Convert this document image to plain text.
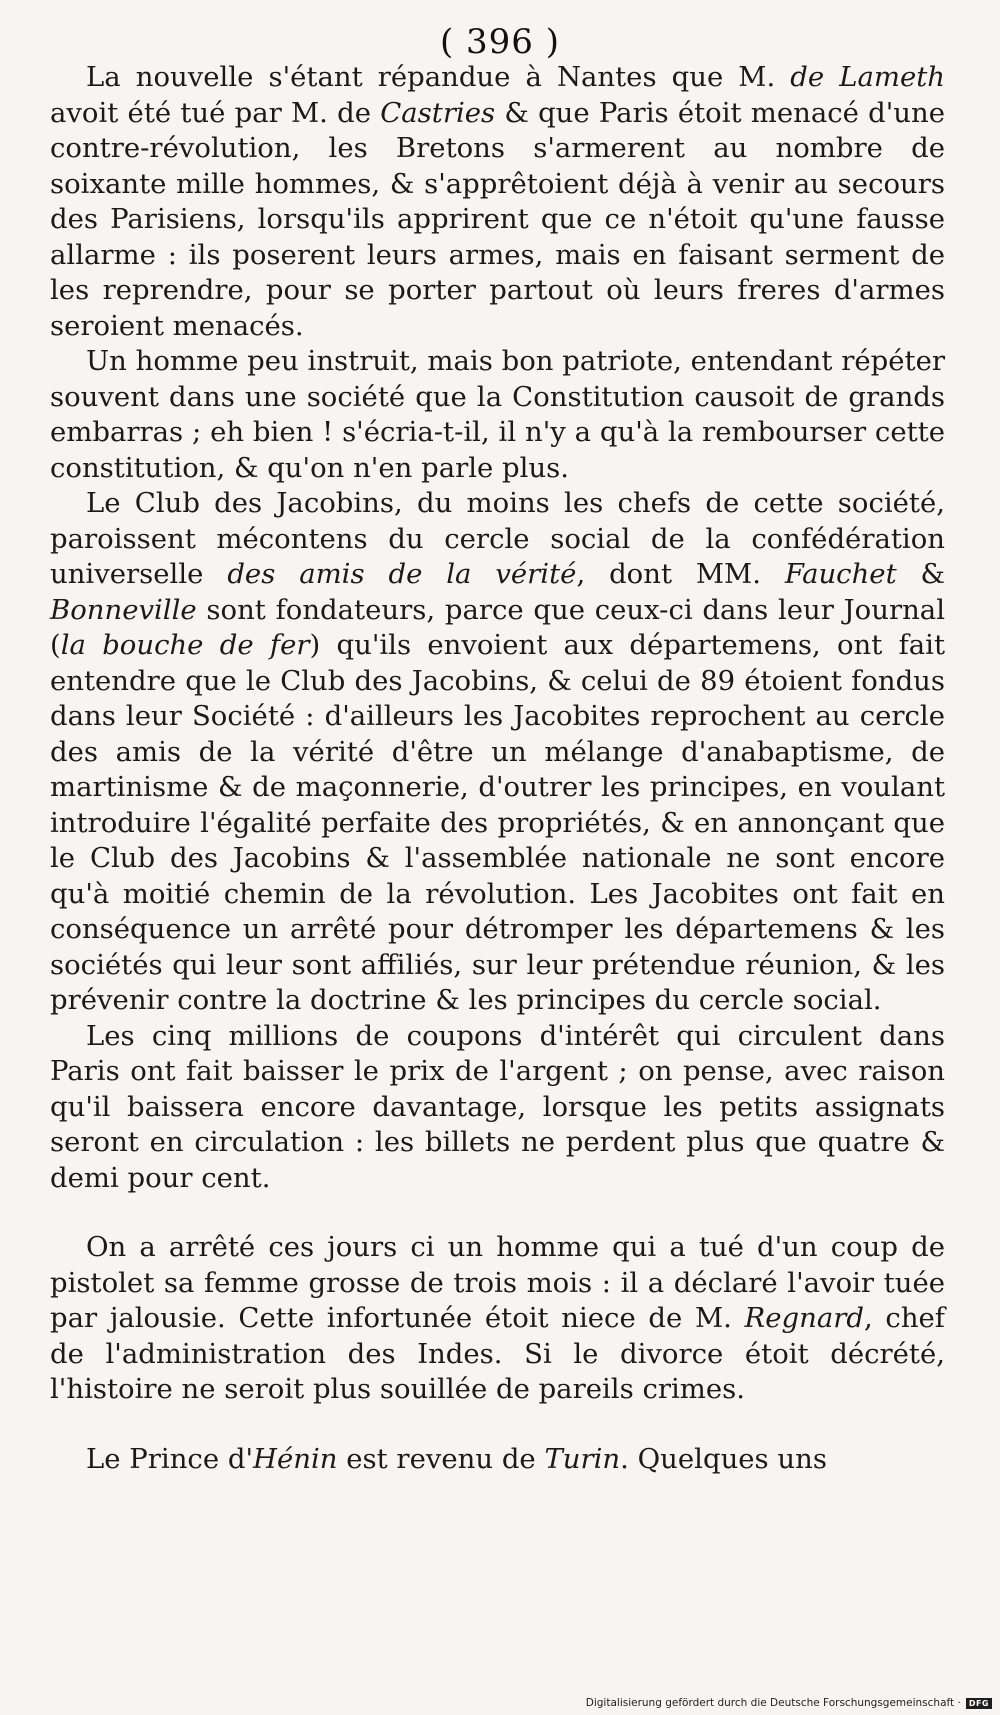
( 396 )

La nouvelle s'étant répandue à Nantes que M. de Lameth avoit été tué par M. de Castries & que Paris étoit menacé d'une contre-révolution, les Bretons s'armerent au nombre de soixante mille hommes, & s'apprêtoient déjà à venir au secours des Parisiens, lorsqu'ils apprirent que ce n'étoit qu'une fausse allarme : ils poserent leurs armes, mais en faisant serment de les reprendre, pour se porter partout où leurs freres d'armes seroient menacés.

Un homme peu instruit, mais bon patriote, entendant répéter souvent dans une société que la Constitution causoit de grands embarras ; eh bien ! s'écria-t-il, il n'y a qu'à la rembourser cette constitution, & qu'on n'en parle plus.

Le Club des Jacobins, du moins les chefs de cette société, paroissent mécontens du cercle social de la confédération universelle des amis de la vérité, dont MM. Fauchet & Bonneville sont fondateurs, parce que ceux-ci dans leur Journal (la bouche de fer) qu'ils envoient aux départemens, ont fait entendre que le Club des Jacobins, & celui de 89 étoient fondus dans leur Société : d'ailleurs les Jacobites reprochent au cercle des amis de la vérité d'être un mélange d'anabaptisme, de martinisme & de maçonnerie, d'outrer les principes, en voulant introduire l'égalité perfaite des propriétés, & en annonçant que le Club des Jacobins & l'assemblée nationale ne sont encore qu'à moitié chemin de la révolution. Les Jacobites ont fait en conséquence un arrêté pour détromper les départemens & les sociétés qui leur sont affiliés, sur leur prétendue réunion, & les prévenir contre la doctrine & les principes du cercle social.

Les cinq millions de coupons d'intérêt qui circulent dans Paris ont fait baisser le prix de l'argent ; on pense, avec raison qu'il baissera encore davantage, lorsque les petits assignats seront en circulation : les billets ne perdent plus que quatre & demi pour cent.

On a arrêté ces jours ci un homme qui a tué d'un coup de pistolet sa femme grosse de trois mois : il a déclaré l'avoir tuée par jalousie. Cette infortunée étoit niece de M. Regnard, chef de l'administration des Indes. Si le divorce étoit décrété, l'histoire ne seroit plus souillée de pareils crimes.

Le Prince d'Hénin est revenu de Turin. Quelques uns

Digitalisierung gefördert durch die Deutsche Forschungsgemeinschaft ·	DFG
